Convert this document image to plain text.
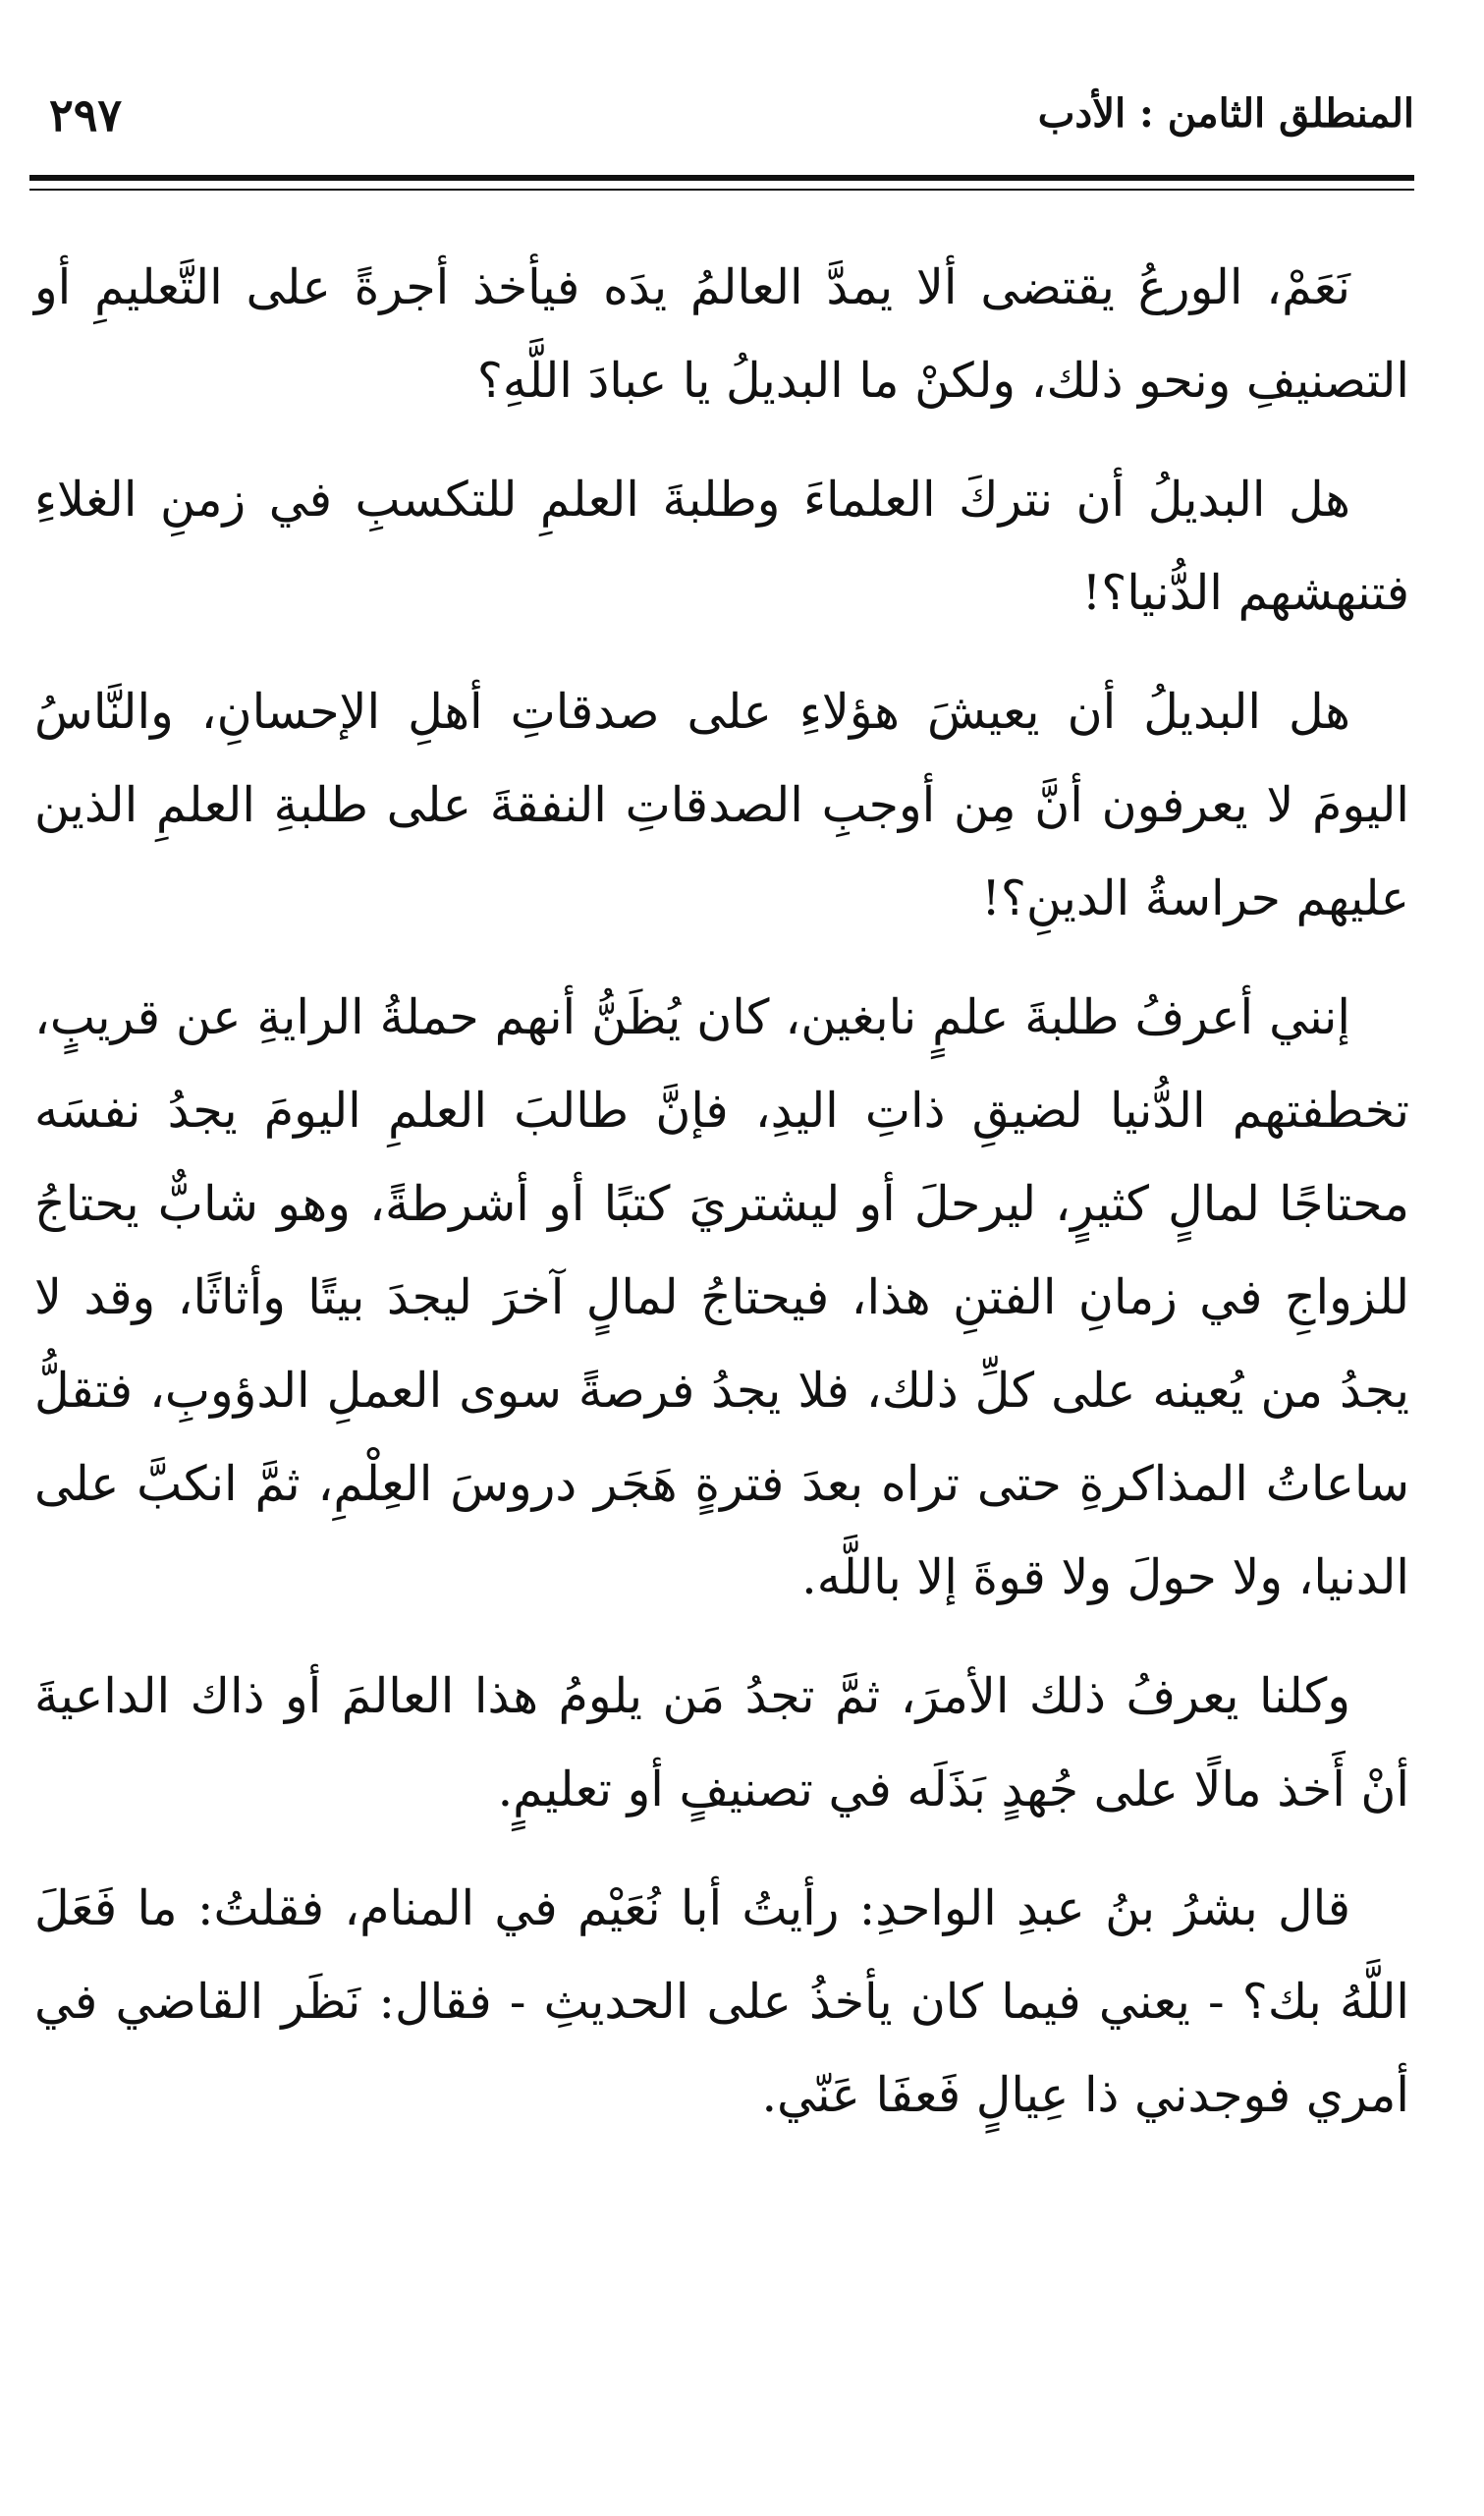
٢٩٧	المنطلق الثامن : الأدب

نَعَمْ، الورعُ يقتضى ألا يمدَّ العالمُ يدَه فيأخذ أجرةً على التَّعليمِ أو التصنيفِ ونحو ذلك، ولكنْ ما البديلُ يا عبادَ اللَّهِ؟

هل البديلُ أن نتركَ العلماءَ وطلبةَ العلمِ للتكسبِ في زمنِ الغلاءِ فتنهشهم الدُّنيا؟!

هل البديلُ أن يعيشَ هؤلاءِ على صدقاتِ أهلِ الإحسانِ، والنَّاسُ اليومَ لا يعرفون أنَّ مِن أوجبِ الصدقاتِ النفقةَ على طلبةِ العلمِ الذين عليهم حراسةُ الدينِ؟!

إنني أعرفُ طلبةَ علمٍ نابغين، كان يُظَنُّ أنهم حملةُ الرايةِ عن قريبٍ، تخطفتهم الدُّنيا لضيقِ ذاتِ اليدِ، فإنَّ طالبَ العلمِ اليومَ يجدُ نفسَه محتاجًا لمالٍ كثيرٍ، ليرحلَ أو ليشتريَ كتبًا أو أشرطةً، وهو شابٌّ يحتاجُ للزواجِ في زمانِ الفتنِ هذا، فيحتاجُ لمالٍ آخرَ ليجدَ بيتًا وأثاثًا، وقد لا يجدُ من يُعينه على كلِّ ذلك، فلا يجدُ فرصةً سوى العملِ الدؤوبِ، فتقلُّ ساعاتُ المذاكرةِ حتى تراه بعدَ فترةٍ هَجَر دروسَ العِلْمِ، ثمَّ انكبَّ على الدنيا، ولا حولَ ولا قوةَ إلا باللَّه.

وكلنا يعرفُ ذلك الأمرَ، ثمَّ تجدُ مَن يلومُ هذا العالمَ أو ذاك الداعيةَ أنْ أَخذ مالًا على جُهدٍ بَذَلَه في تصنيفٍ أو تعليمٍ.

قال بشرُ بنُ عبدِ الواحدِ: رأيتُ أبا نُعَيْم في المنام، فقلتُ: ما فَعَلَ اللَّهُ بك؟ - يعني فيما كان يأخذُ على الحديثِ - فقال: نَظَر القاضي في أمري فوجدني ذا عِيالٍ فَعفَا عَنّي.
